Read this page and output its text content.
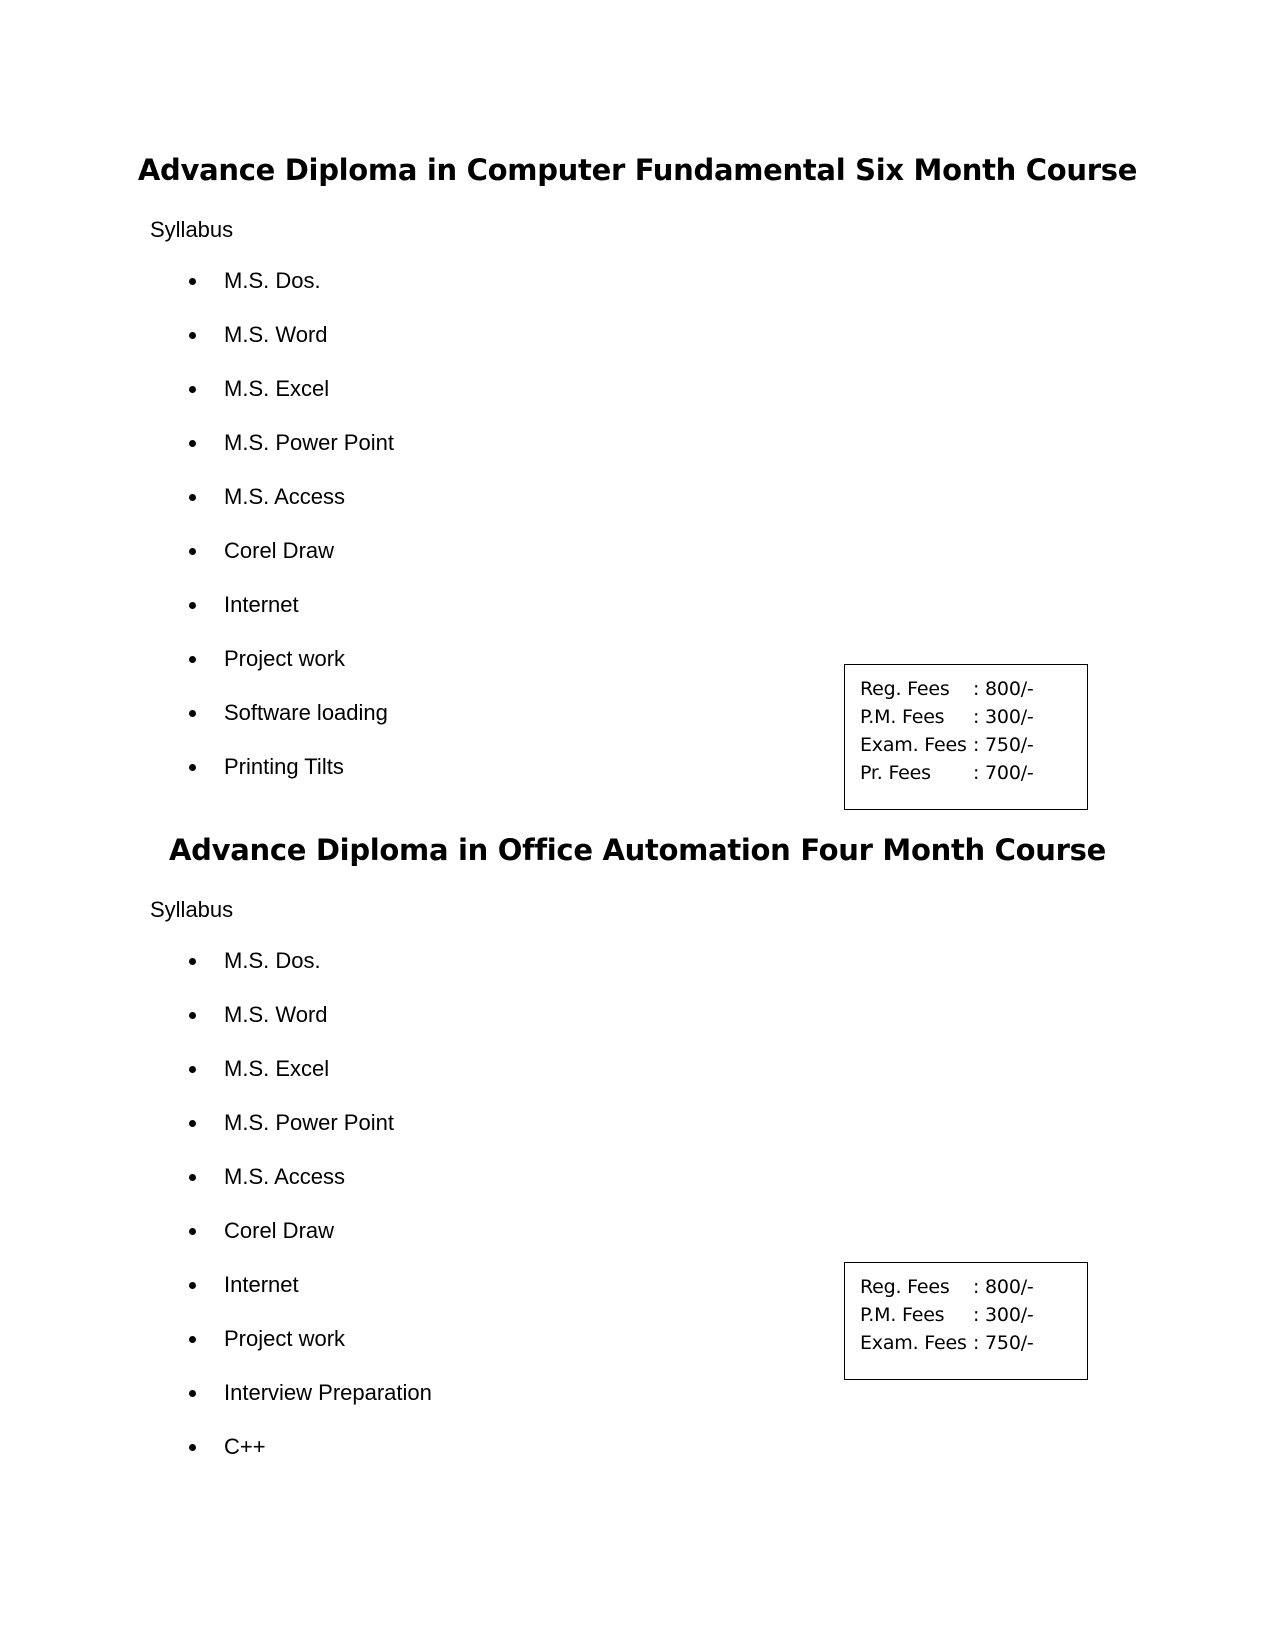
Advance Diploma in Computer Fundamental Six Month Course

Syllabus

M.S. Dos.
M.S. Word
M.S. Excel
M.S. Power Point
M.S. Access
Corel Draw
Internet
Project work
Software loading
Printing Tilts
Reg. Fees	: 800/-
P.M. Fees	: 300/-
Exam. Fees : 750/-
Pr. Fees	: 700/-
Advance Diploma in Office Automation Four Month Course

Syllabus

M.S. Dos.
M.S. Word
M.S. Excel
M.S. Power Point
M.S. Access
Corel Draw
Internet
Project work
Interview Preparation
C++
Reg. Fees	: 800/-
P.M. Fees	: 300/-
Exam. Fees : 750/-
